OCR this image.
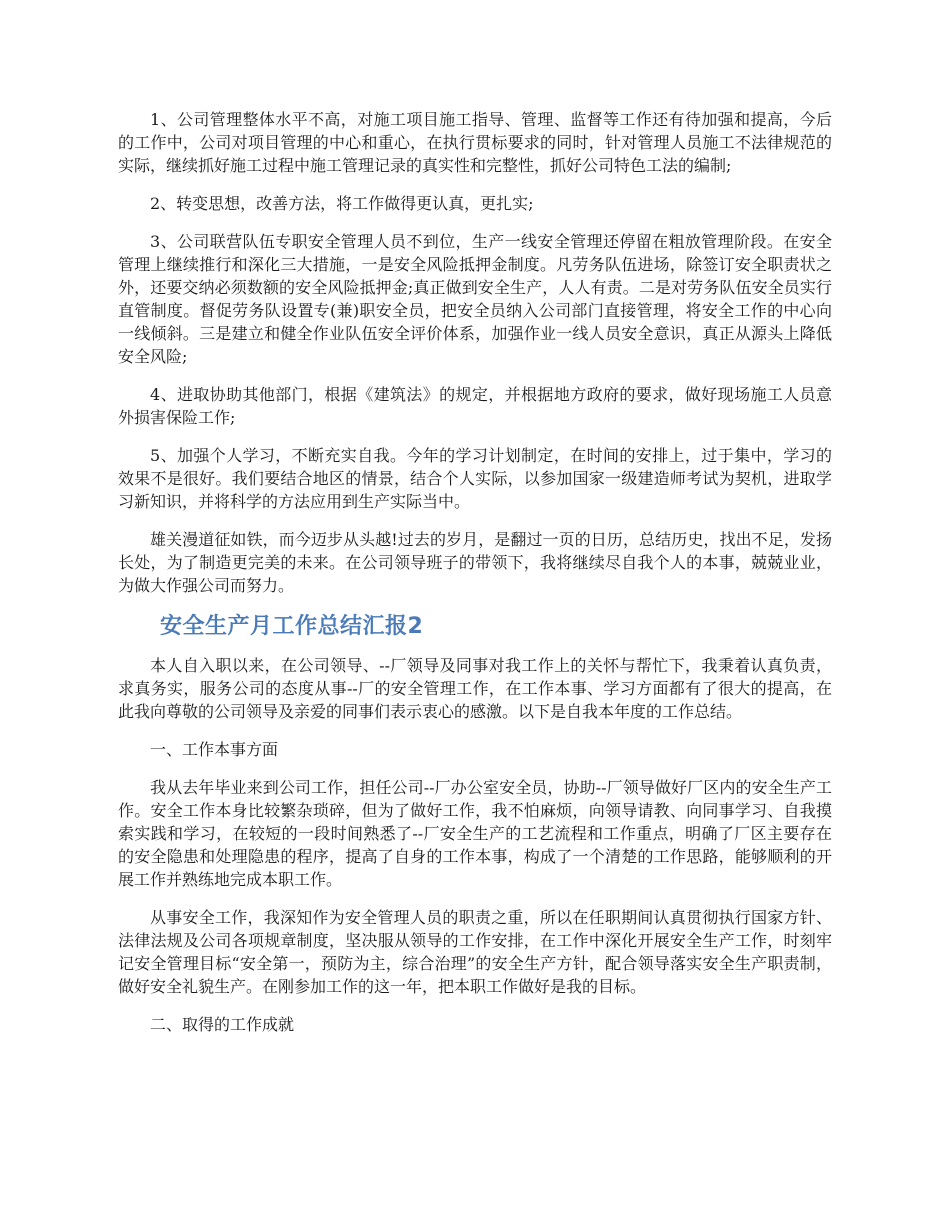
1、公司管理整体水平不高，对施工项目施工指导、管理、监督等工作还有待加强和提高，今后的工作中，公司对项目管理的中心和重心，在执行贯标要求的同时，针对管理人员施工不法律规范的实际，继续抓好施工过程中施工管理记录的真实性和完整性，抓好公司特色工法的编制;

2、转变思想，改善方法，将工作做得更认真，更扎实;

3、公司联营队伍专职安全管理人员不到位，生产一线安全管理还停留在粗放管理阶段。在安全管理上继续推行和深化三大措施，一是安全风险抵押金制度。凡劳务队伍进场，除签订安全职责状之外，还要交纳必须数额的安全风险抵押金;真正做到安全生产，人人有责。二是对劳务队伍安全员实行直管制度。督促劳务队设置专(兼)职安全员，把安全员纳入公司部门直接管理，将安全工作的中心向一线倾斜。三是建立和健全作业队伍安全评价体系，加强作业一线人员安全意识，真正从源头上降低安全风险;

4、进取协助其他部门，根据《建筑法》的规定，并根据地方政府的要求，做好现场施工人员意外损害保险工作;

5、加强个人学习，不断充实自我。今年的学习计划制定，在时间的安排上，过于集中，学习的效果不是很好。我们要结合地区的情景，结合个人实际，以参加国家一级建造师考试为契机，进取学习新知识，并将科学的方法应用到生产实际当中。

雄关漫道征如铁，而今迈步从头越!过去的岁月，是翻过一页的日历，总结历史，找出不足，发扬长处，为了制造更完美的未来。在公司领导班子的带领下，我将继续尽自我个人的本事，兢兢业业，为做大作强公司而努力。

安全生产月工作总结汇报2

本人自入职以来，在公司领导、--厂领导及同事对我工作上的关怀与帮忙下，我秉着认真负责，求真务实，服务公司的态度从事--厂的安全管理工作，在工作本事、学习方面都有了很大的提高，在此我向尊敬的公司领导及亲爱的同事们表示衷心的感激。以下是自我本年度的工作总结。

一、工作本事方面

我从去年毕业来到公司工作，担任公司--厂办公室安全员，协助--厂领导做好厂区内的安全生产工作。安全工作本身比较繁杂琐碎，但为了做好工作，我不怕麻烦，向领导请教、向同事学习、自我摸索实践和学习，在较短的一段时间熟悉了--厂安全生产的工艺流程和工作重点，明确了厂区主要存在的安全隐患和处理隐患的程序，提高了自身的工作本事，构成了一个清楚的工作思路，能够顺利的开展工作并熟练地完成本职工作。

从事安全工作，我深知作为安全管理人员的职责之重，所以在任职期间认真贯彻执行国家方针、法律法规及公司各项规章制度，坚决服从领导的工作安排，在工作中深化开展安全生产工作，时刻牢记安全管理目标“安全第一，预防为主，综合治理”的安全生产方针，配合领导落实安全生产职责制，做好安全礼貌生产。在刚参加工作的这一年，把本职工作做好是我的目标。

二、取得的工作成就
